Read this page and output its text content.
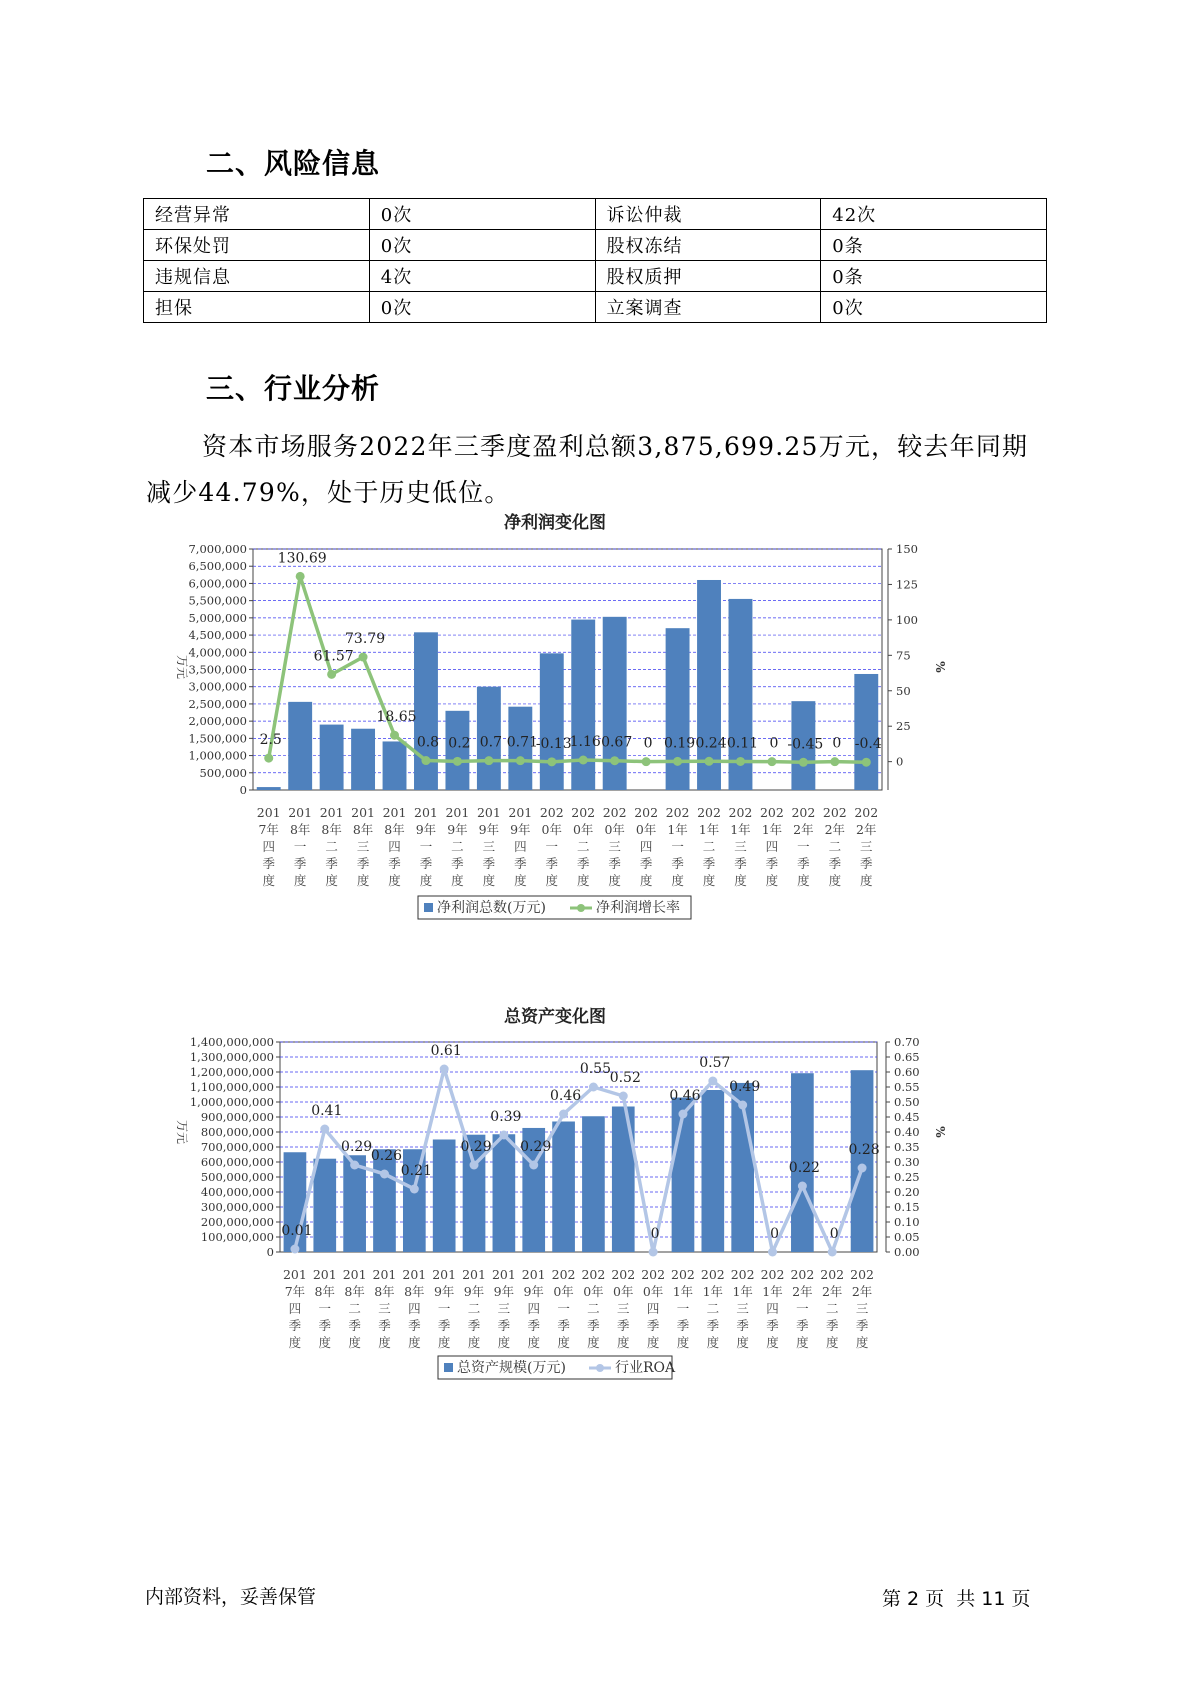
二、风险信息
经营异常	0次	诉讼仲裁	42次
环保处罚	0次	股权冻结	0条
违规信息	4次	股权质押	0条
担保	0次	立案调查	0次
三、行业分析

资本市场服务2022年三季度盈利总额3,875,699.25万元，较去年同期减少44.79%，处于历史低位。

净利润变化图
0
500,000
1,000,000
1,500,000
2,000,000
2,500,000
3,000,000
3,500,000
4,000,000
4,500,000
5,000,000
5,500,000
6,000,000
6,500,000
7,000,000
0
25
50
75
100
125
150
万元	%
2.5
130.69
61.57
73.79
18.65
0.8 0.2 0.7 0.71
-0.13
1.16 0.67 0 0.19 0.24 0.11 0 -0.45 0 -0.4
201 7年四季度
201 8年一季度
201 8年二季度
201 8年三季度
201 8年四季度
201 9年一季度
201 9年二季度
201 9年三季度
201 9年四季度
202 0年一季度
202 0年二季度
202 0年三季度
202 0年四季度
202 1年一季度
202 1年二季度
202 1年三季度
202 1年四季度
202 2年一季度
202 2年二季度
202 2年三季度
净利润总数(万元)	净利润增长率
总资产变化图
0
100,000,000
200,000,000
300,000,000
400,000,000
500,000,000
600,000,000
700,000,000
800,000,000
900,000,000
1,000,000,000
1,100,000,000
1,200,000,000
1,300,000,000
1,400,000,000
0.00
0.05
0.10
0.15
0.20
0.25
0.30
0.35
0.40
0.45
0.50
0.55
0.60
0.65
0.70
万元	%
0.01
0.41
0.29
0.26
0.21
0.61
0.29
0.39
0.29
0.46
0.55
0.52
0
0.46
0.57
0.49
0
0.22
0
0.28
201 7年四季度
201 8年一季度
201 8年二季度
201 8年三季度
201 8年四季度
201 9年一季度
201 9年二季度
201 9年三季度
201 9年四季度
202 0年一季度
202 0年二季度
202 0年三季度
202 0年四季度
202 1年一季度
202 1年二季度
202 1年三季度
202 1年四季度
202 2年一季度
202 2年二季度
202 2年三季度
总资产规模(万元)	行业ROA
内部资料，妥善保管	第 2 页  共 11 页
